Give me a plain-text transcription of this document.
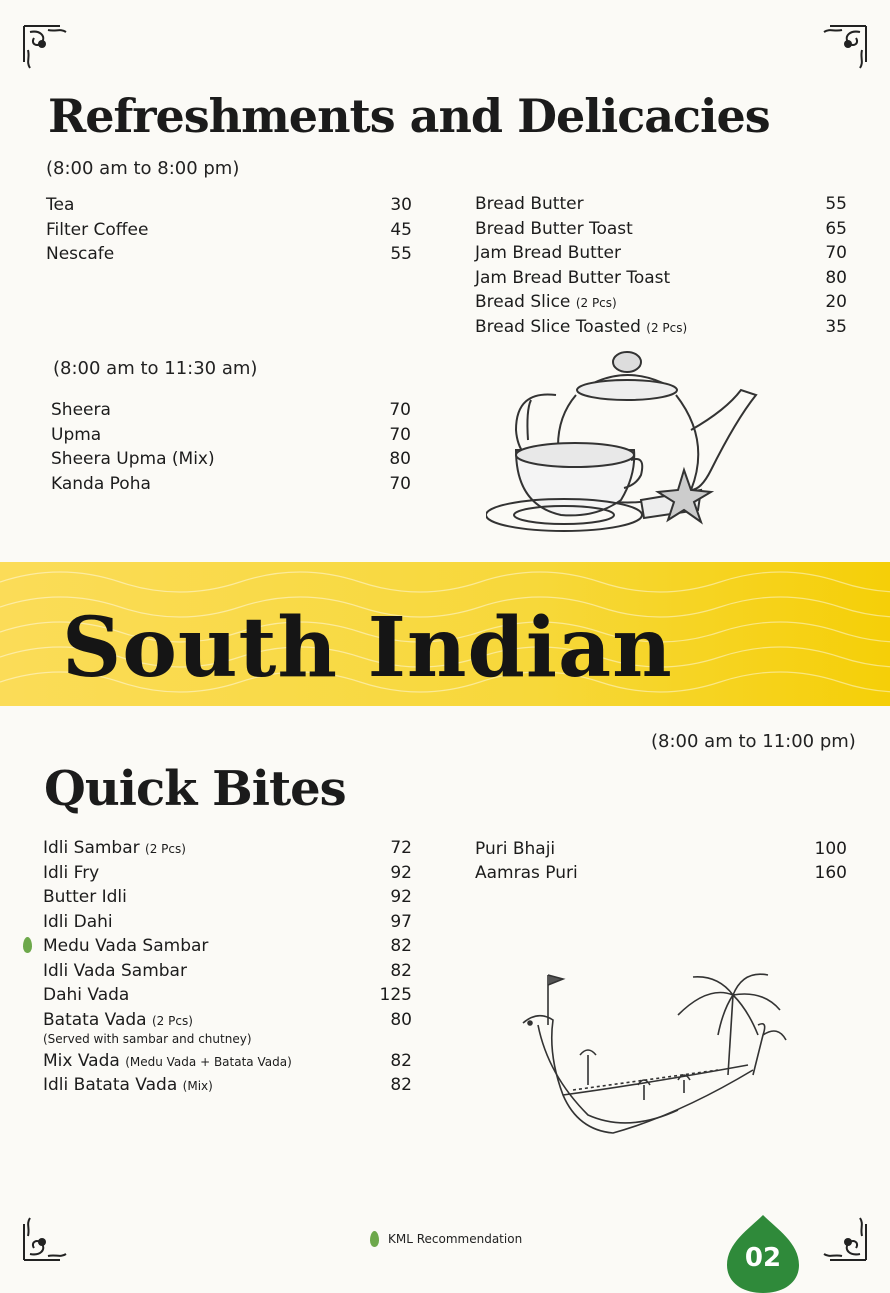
Refreshments and Delicacies
(8:00 am to 8:00 pm)
Tea	30
Filter Coffee	45
Nescafe	55
Bread Butter	55
Bread Butter Toast	65
Jam Bread Butter	70
Jam Bread Butter Toast	80
Bread Slice (2 Pcs)	20
Bread Slice Toasted (2 Pcs)	35
(8:00 am to 11:30 am)
Sheera	70
Upma	70
Sheera Upma (Mix)	80
Kanda Poha	70
South Indian
(8:00 am to 11:00 pm)
Quick Bites
Idli Sambar (2 Pcs)	72
Idli Fry	92
Butter Idli	92
Idli Dahi	97
Medu Vada Sambar	82
Idli Vada Sambar	82
Dahi Vada	125
Batata Vada (2 Pcs)	80
(Served with sambar and chutney)
Mix Vada (Medu Vada + Batata Vada)	82
Idli Batata Vada (Mix)	82
Puri Bhaji	100
Aamras Puri	160
KML Recommendation
02
